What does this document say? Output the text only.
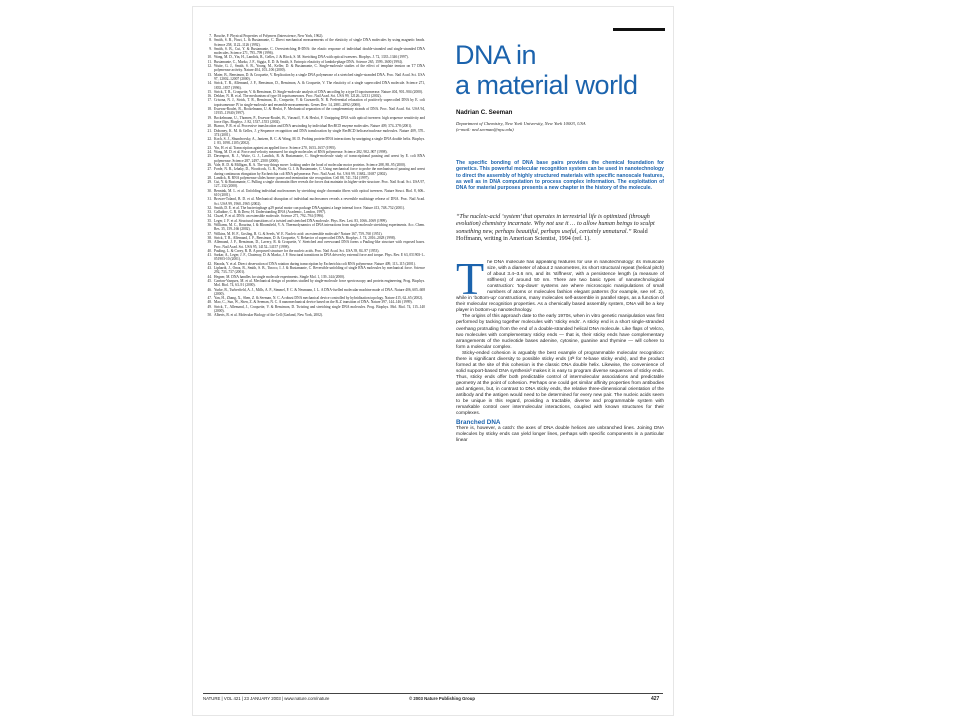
7. Bouche, F. Physical Properties of Polymers (Interscience, New York, 1962).
8. Smith, S. B., Finzi, L. & Bustamante, C. Direct mechanical measurements of the elasticity of single DNA molecules by using magnetic beads. Science 258, 1122–1126 (1992).
9. Smith, S. B., Cui, Y. & Bustamante, C. Overstretching B-DNA: the elastic response of individual double-stranded and single-stranded DNA molecules. Science 271, 795–799 (1996).
10. Wang, M. D., Yin, H., Landick, R., Gelles, J. & Block, S. M. Stretching DNA with optical tweezers. Biophys. J. 72, 1335–1346 (1997).
11. Bustamante, C., Marko, J. F., Siggia, E. D. & Smith, S. Entropic elasticity of lambda-phage DNA. Science 265, 1599–1600 (1994).
12. Wuite, G. J., Smith, S. B., Young, M., Keller, D. & Bustamante, C. Single-molecule studies of the effect of template tension on T7 DNA polymerase activity. Nature 404, 103–106 (2000).
13. Maier, B., Bensimon, D. & Croquette, V. Replication by a single DNA polymerase of a stretched single-stranded DNA. Proc. Natl Acad. Sci. USA 97, 12002–12007 (2000).
14. Strick, T. R., Allemand, J. F., Bensimon, D., Bensimon, A. & Croquette, V. The elasticity of a single supercoiled DNA molecule. Science 271, 1835–1837 (1996).
15. Strick, T. R., Croquette, V. & Bensimon, D. Single-molecule analysis of DNA uncoiling by a type II topoisomerase. Nature 404, 901–904 (2000).
16. Dekker, N. H. et al. The mechanism of type IA topoisomerases. Proc. Natl Acad. Sci. USA 99, 12126–12131 (2002).
17. Crisona, N. J., Strick, T. R., Bensimon, D., Croquette, V. & Cozzarelli, N. R. Preferential relaxation of positively supercoiled DNA by E. coli topoisomerase IV in single-molecule and ensemble measurements. Genes Dev. 14, 2881–2892 (2000).
18. Essevaz-Roulet, B., Bockelmann, U. & Heslot, F. Mechanical separation of the complementary strands of DNA. Proc. Natl Acad. Sci. USA 94, 11935–11940 (1997).
19. Bockelmann, U., Thomen, P., Essevaz-Roulet, B., Viasnoff, V. & Heslot, F. Unzipping DNA with optical tweezers: high sequence sensitivity and force flips. Biophys. J. 82, 1537–1553 (2002).
20. Bianco, P. R. et al. Processive translocation and DNA unwinding by individual RecBCD enzyme molecules. Nature 409, 374–378 (2001).
21. Dohoney, K. M. & Gelles, J. χ-Sequence recognition and DNA translocation by single RecBCD helicase/nuclease molecules. Nature 409, 370–374 (2001).
22. Koch, S. J., Shundrovsky, A., Jantzen, B. C. & Wang, M. D. Probing protein-DNA interactions by unzipping a single DNA double helix. Biophys. J. 83, 1098–1105 (2002).
23. Yin, H. et al. Transcription against an applied force. Science 270, 1653–1657 (1995).
24. Wang, M. D. et al. Force and velocity measured for single molecules of RNA polymerase. Science 282, 902–907 (1998).
25. Davenport, R. J., Wuite, G. J., Landick, R. & Bustamante, C. Single-molecule study of transcriptional pausing and arrest by E. coli RNA polymerase. Science 287, 2497–2500 (2000).
26. Vale, R. D. & Milligan, R. A. The way things move: looking under the hood of molecular motor proteins. Science 288, 88–95 (2000).
27. Forde, N. R., Izhaky, D., Woodcock, G. R., Wuite, G. J. & Bustamante, C. Using mechanical force to probe the mechanism of pausing and arrest during continuous elongation by Escherichia coli RNA polymerase. Proc. Natl Acad. Sci. USA 99, 11682–11687 (2002).
28. Landick, R. RNA polymerase slides home: pause and termination site recognition. Cell 88, 741–744 (1997).
29. Cui, Y. & Bustamante, C. Pulling a single chromatin fiber reveals the forces that maintain its higher-order structure. Proc. Natl Acad. Sci. USA 97, 127–132 (2000).
30. Bennink, M. L. et al. Unfolding individual nucleosomes by stretching single chromatin fibers with optical tweezers. Nature Struct. Biol. 8, 606–610 (2001).
31. Brower-Toland, B. D. et al. Mechanical disruption of individual nucleosomes reveals a reversible multistage release of DNA. Proc. Natl Acad. Sci. USA 99, 1960–1965 (2002).
32. Smith, D. E. et al. The bacteriophage φ29 portal motor can package DNA against a large internal force. Nature 413, 748–752 (2001).
33. Calladine, C. R. & Drew, H. Understanding DNA (Academic, London, 1997).
34. Cluzel, P. et al. DNA: an extensible molecule. Science 271, 792–794 (1996).
35. Leger, J. F. et al. Structural transitions of a twisted and stretched DNA molecule. Phys. Rev. Lett. 83, 1066–1069 (1999).
36. Williams, M. C., Rouzina, I. & Bloomfield, V. A. Thermodynamics of DNA interactions from single molecule stretching experiments. Acc. Chem. Res. 35, 159–166 (2002).
37. Wilkins, M. H. F., Gosling, R. G. & Seeds, W. E. Nucleic acid: an extensible molecule? Nature 167, 759–760 (1951).
38. Strick, T. R., Allemand, J. F., Bensimon, D. & Croquette, V. Behavior of supercoiled DNA. Biophys. J. 74, 2016–2028 (1998).
39. Allemand, J. F., Bensimon, D., Lavery, R. & Croquette, V. Stretched and overwound DNA forms a Pauling-like structure with exposed bases. Proc. Natl Acad. Sci. USA 95, 14152–14157 (1998).
40. Pauling, L. & Corey, R. B. A proposed structure for the nucleic acids. Proc. Natl Acad. Sci. USA 39, 84–97 (1953).
41. Sarkar, A., Leger, J. F., Chatenay, D. & Marko, J. F. Structural transitions in DNA driven by external force and torque. Phys. Rev. E 63, 051903-1–051903-10 (2001).
42. Harada, Y. et al. Direct observation of DNA rotation during transcription by Escherichia coli RNA polymerase. Nature 409, 113–115 (2001).
43. Liphardt, J., Onoa, B., Smith, S. B., Tinoco, I. J. & Bustamante, C. Reversible unfolding of single RNA molecules by mechanical force. Science 292, 733–737 (2001).
44. Hegner, M. DNA handles for single molecule experiments. Single Mol. 1, 139–144 (2000).
45. Carrion-Vazquez, M. et al. Mechanical design of proteins studied by single-molecule force spectroscopy and protein engineering. Prog. Biophys. Mol. Biol. 74, 63–91 (2000).
46. Yurke, B., Turberfield, A. J., Mills, A. P., Simmel, F. C. & Neumann, J. L. A DNA-fuelled molecular machine made of DNA. Nature 406, 605–608 (2000).
47. Yan, H., Zhang, X., Shen, Z. & Seeman, N. C. A robust DNA mechanical device controlled by hybridization topology. Nature 415, 62–65 (2002).
48. Mao, C., Sun, W., Shen, Z. & Seeman, N. C. A nanomechanical device based on the B–Z transition of DNA. Nature 397, 144–146 (1999).
49. Strick, T., Allemand, J., Croquette, V. & Bensimon, D. Twisting and stretching single DNA molecules. Prog. Biophys. Mol. Biol. 74, 115–140 (2000).
50. Alberts, B. et al. Molecular Biology of the Cell (Garland, New York, 2002).
DNA in
a material world
Nadrian C. Seeman
Department of Chemistry, New York University, New York 10003, USA
(e-mail: ned.seeman@nyu.edu)
The specific bonding of DNA base pairs provides the chemical foundation for genetics. This powerful molecular recognition system can be used in nanotechnology to direct the assembly of highly structured materials with specific nanoscale features, as well as in DNA computation to process complex information. The exploitation of DNA for material purposes presents a new chapter in the history of the molecule.
“The nucleic-acid ‘system’ that operates in terrestrial life is optimized (through evolution) chemistry incarnate. Why not use it … to allow human beings to sculpt something new, perhaps beautiful, perhaps useful, certainly unnatural.” Roald Hoffmann, writing in American Scientist, 1994 (ref. 1).

The DNA molecule has appealing features for use in nanotechnology: its minuscule size, with a diameter of about 2 nanometres, its short structural repeat (helical pitch) of about 3.4–3.6 nm, and its ‘stiffness’, with a persistence length (a measure of stiffness) of around 50 nm. There are two basic types of nanotechnological construction: ‘top-down’ systems are where microscopic manipulations of small numbers of atoms or molecules fashion elegant patterns (for example, see ref. 2), while in ‘bottom-up’ constructions, many molecules self-assemble in parallel steps, as a function of their molecular recognition properties. As a chemically based assembly system, DNA will be a key player in bottom-up nanotechnology.

The origins of this approach date to the early 1970s, when in vitro genetic manipulation was first performed by tacking together molecules with ‘sticky ends’. A sticky end is a short single-stranded overhang protruding from the end of a double-stranded helical DNA molecule. Like flaps of Velcro, two molecules with complementary sticky ends — that is, their sticky ends have complementary arrangements of the nucleotide bases adenine, cytosine, guanine and thymine — will cohere to form a molecular complex.

Sticky-ended cohesion is arguably the best example of programmable molecular recognition: there is significant diversity to possible sticky ends (4ᴺ for N-base sticky ends), and the product formed at the site of this cohesion is the classic DNA double helix. Likewise, the convenience of solid support-based DNA synthesis³ makes it is easy to program diverse sequences of sticky ends. Thus, sticky ends offer both predictable control of intermolecular associations and predictable geometry at the point of cohesion. Perhaps one could get similar affinity properties from antibodies and antigens, but, in contrast to DNA sticky ends, the relative three-dimensional orientation of the antibody and the antigen would need to be determined for every new pair. The nucleic acids seem to be unique in this regard, providing a tractable, diverse and programmable system with remarkable control over intermolecular interactions, coupled with known structures for their complexes.

Branched DNA

There is, however, a catch: the axes of DNA double helices are unbranched lines. Joining DNA molecules by sticky ends can yield longer lines, perhaps with specific components in a particular linear

NATURE | VOL 421 | 23 JANUARY 2003 | www.nature.com/nature	© 2003 Nature Publishing Group	427
